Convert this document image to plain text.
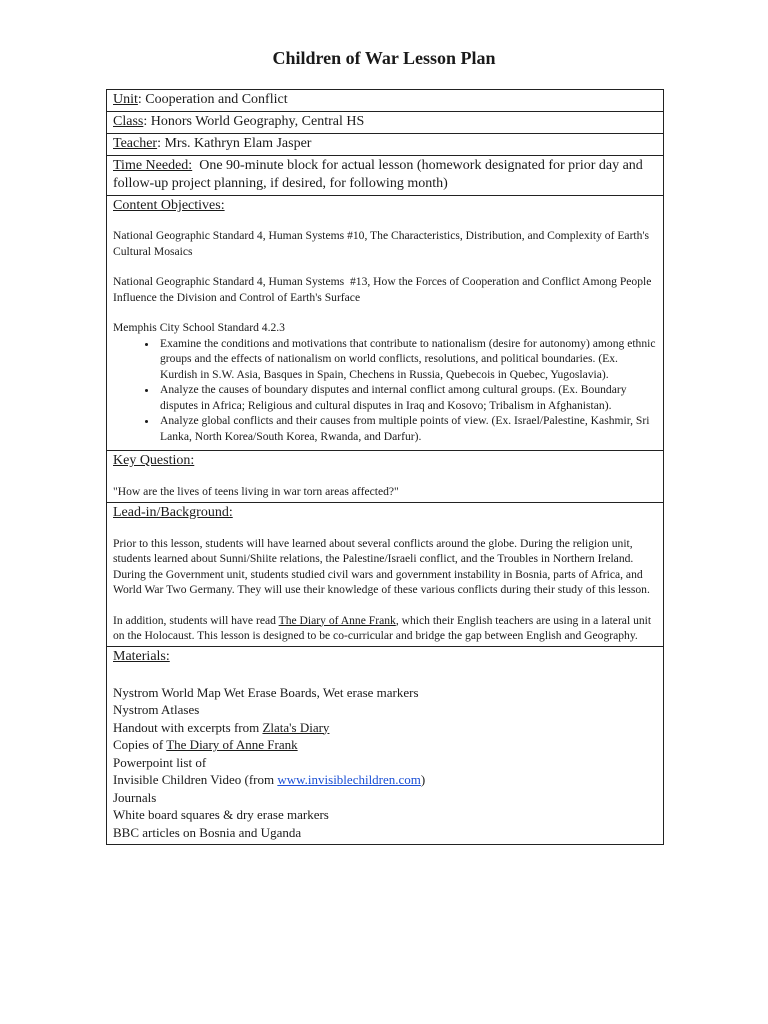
Children of War Lesson Plan
Unit: Cooperation and Conflict
Class: Honors World Geography, Central HS
Teacher: Mrs. Kathryn Elam Jasper
Time Needed:  One 90-minute block for actual lesson (homework designated for prior day and follow-up project planning, if desired, for following month)

Content Objectives:

National Geographic Standard 4, Human Systems #10, The Characteristics, Distribution, and Complexity of Earth's Cultural Mosaics

National Geographic Standard 4, Human Systems  #13, How the Forces of Cooperation and Conflict Among People Influence the Division and Control of Earth's Surface

Memphis City School Standard 4.2.3

• Examine the conditions and motivations that contribute to nationalism (desire for autonomy) among ethnic groups and the effects of nationalism on world conflicts, resolutions, and political boundaries. (Ex. Kurdish in S.W. Asia, Basques in Spain, Chechens in Russia, Quebecois in Quebec, Yugoslavia).
• Analyze the causes of boundary disputes and internal conflict among cultural groups. (Ex. Boundary disputes in Africa; Religious and cultural disputes in Iraq and Kosovo; Tribalism in Afghanistan).
• Analyze global conflicts and their causes from multiple points of view. (Ex. Israel/Palestine, Kashmir, Sri Lanka, North Korea/South Korea, Rwanda, and Darfur).

Key Question:

"How are the lives of teens living in war torn areas affected?"

Lead-in/Background:

Prior to this lesson, students will have learned about several conflicts around the globe. During the religion unit, students learned about Sunni/Shiite relations, the Palestine/Israeli conflict, and the Troubles in Northern Ireland. During the Government unit, students studied civil wars and government instability in Bosnia, parts of Africa, and World War Two Germany. They will use their knowledge of these various conflicts during their study of this lesson.

In addition, students will have read The Diary of Anne Frank, which their English teachers are using in a lateral unit on the Holocaust. This lesson is designed to be co-curricular and bridge the gap between English and Geography.

Materials:
Nystrom World Map Wet Erase Boards, Wet erase markers
Nystrom Atlases
Handout with excerpts from Zlata's Diary
Copies of The Diary of Anne Frank
Powerpoint list of
Invisible Children Video (from www.invisiblechildren.com)
Journals
White board squares & dry erase markers
BBC articles on Bosnia and Uganda
